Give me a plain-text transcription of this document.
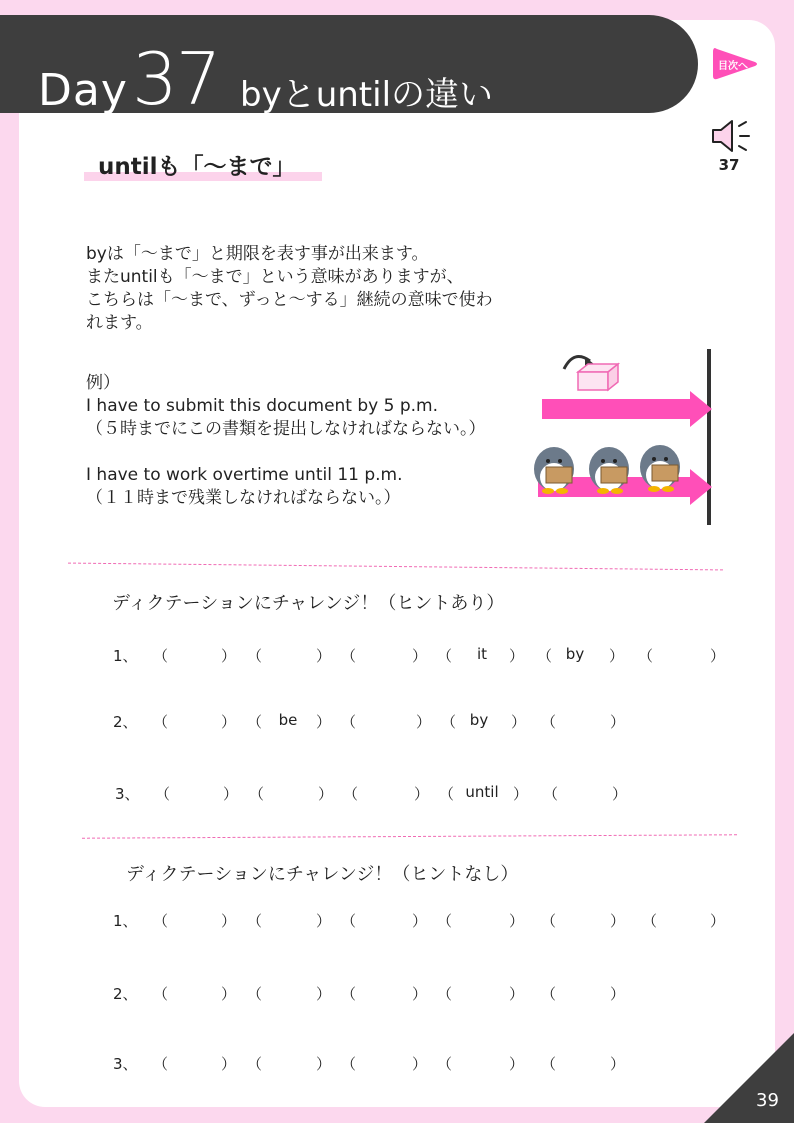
Day 37 byとuntilの違い
目次へ
37
untilも「～まで」
byは「～まで」と期限を表す事が出来ます。
またuntilも「～まで」という意味がありますが、
こちらは「～まで、ずっと～する」継続の意味で使わ
れます。
例）
I have to submit this document by 5 p.m.
（５時までにこの書類を提出しなければならない。）
I have to work overtime until 11 p.m.
（１１時まで残業しなければならない。）
ディクテーションにチャレンジ！（ヒントあり）
1、 （	） （	） （	） （	it	） （ by	） （	）
2、 （	） （	be	） （	） （ by	） （	）
3、 （	） （	） （	） （ until ） （	）
ディクテーションにチャレンジ！（ヒントなし）
1、 （	） （	） （	） （	） （	） （	）
2、 （	） （	） （	） （	） （	）
3、 （	） （	） （	） （	） （	）
39
